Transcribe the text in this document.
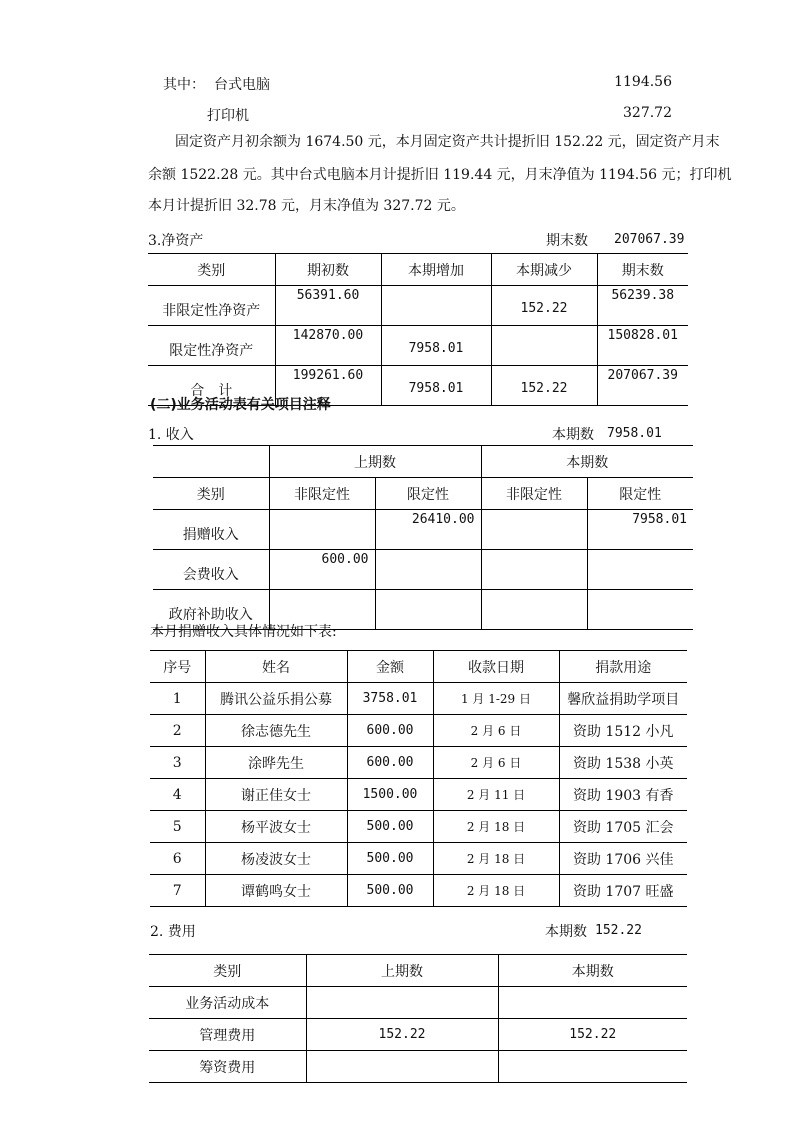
其中： 台式电脑	1194.56
打印机	327.72
固定资产月初余额为 1674.50 元，本月固定资产共计提折旧 152.22 元，固定资产月末
余额 1522.28 元。其中台式电脑本月计提折旧 119.44 元，月末净值为 1194.56 元；打印机
本月计提折旧 32.78 元，月末净值为 327.72 元。
3.净资产	期末数 207067.39
类别	期初数	本期增加	本期减少	期末数
非限定性净资产	56391.60		152.22	56239.38
限定性净资产	142870.00	7958.01		150828.01
合　计	199261.60	7958.01	152.22	207067.39
(二)业务活动表有关项目注释
1. 收入	本期数 7958.01
	上期数		本期数	
类别	非限定性	限定性	非限定性	限定性
捐赠收入		26410.00		7958.01
会费收入	600.00			
政府补助收入				
本月捐赠收入具体情况如下表:
序号	姓名	金额	收款日期	捐款用途
1	腾讯公益乐捐公募	3758.01	1 月 1-29 日	馨欣益捐助学项目
2	徐志德先生	600.00	2 月 6 日	资助 1512 小凡
3	涂晔先生	600.00	2 月 6 日	资助 1538 小英
4	谢正佳女士	1500.00	2 月 11 日	资助 1903 有香
5	杨平波女士	500.00	2 月 18 日	资助 1705 汇会
6	杨凌波女士	500.00	2 月 18 日	资助 1706 兴佳
7	谭鹤鸣女士	500.00	2 月 18 日	资助 1707 旺盛
2. 费用	本期数 152.22
类别	上期数	本期数
业务活动成本		
管理费用	152.22	152.22
筹资费用		
